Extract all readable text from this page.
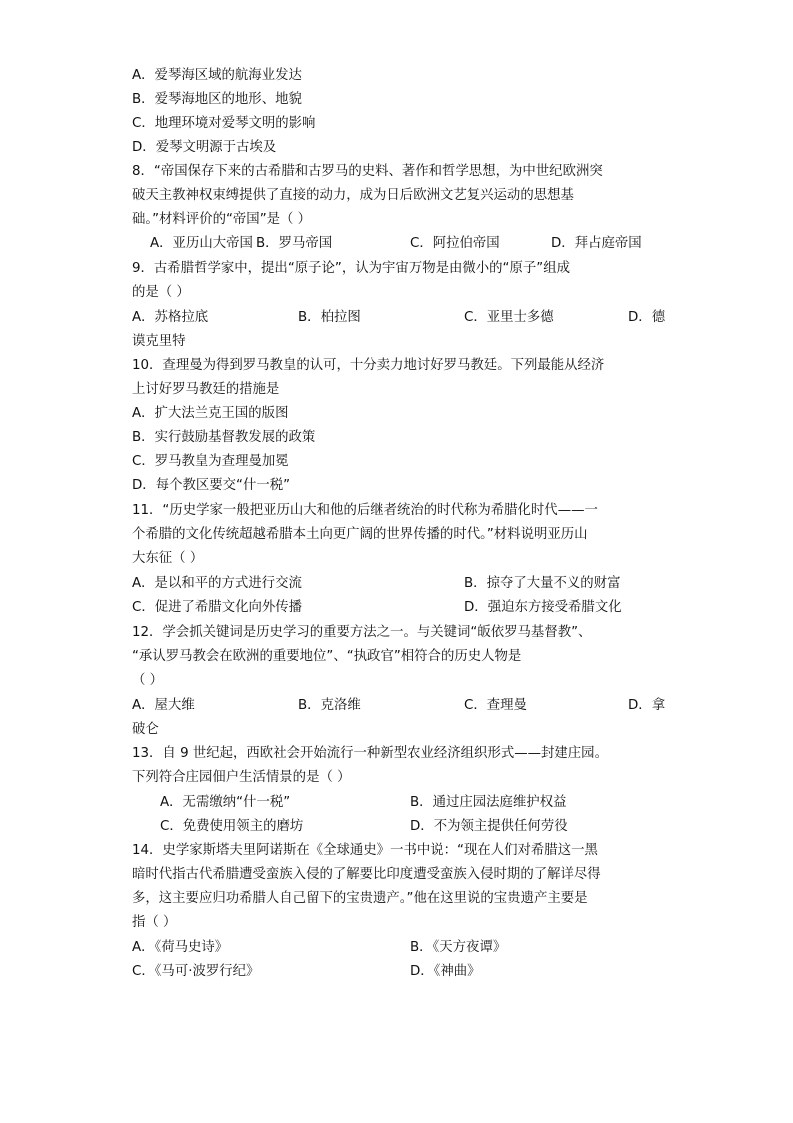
A．爱琴海区域的航海业发达
B．爱琴海地区的地形、地貌
C．地理环境对爱琴文明的影响
D．爱琴文明源于古埃及
8．“帝国保存下来的古希腊和古罗马的史料、著作和哲学思想，为中世纪欧洲突
破天主教神权束缚提供了直接的动力，成为日后欧洲文艺复兴运动的思想基
础。”材料评价的“帝国”是（ ）
A．亚历山大帝国 B．罗马帝国	C．阿拉伯帝国	D．拜占庭帝国
9．古希腊哲学家中，提出“原子论”，认为宇宙万物是由微小的“原子”组成
的是（ ）
A．苏格拉底	B．柏拉图	C．亚里士多德	D．德
谟克里特
10．查理曼为得到罗马教皇的认可，十分卖力地讨好罗马教廷。下列最能从经济
上讨好罗马教廷的措施是
A．扩大法兰克王国的版图
B．实行鼓励基督教发展的政策
C．罗马教皇为查理曼加冕
D．每个教区要交“什一税”
11．“历史学家一般把亚历山大和他的后继者统治的时代称为希腊化时代——一
个希腊的文化传统超越希腊本土向更广阔的世界传播的时代。”材料说明亚历山
大东征（ ）
A．是以和平的方式进行交流	B．掠夺了大量不义的财富
C．促进了希腊文化向外传播	D．强迫东方接受希腊文化
12．学会抓关键词是历史学习的重要方法之一。与关键词“皈依罗马基督教”、
“承认罗马教会在欧洲的重要地位”、“执政官”相符合的历史人物是
（ ）
A．屋大维	B．克洛维	C．查理曼	D．拿
破仑
13．自 9 世纪起，西欧社会开始流行一种新型农业经济组织形式——封建庄园。
下列符合庄园佃户生活情景的是（ ）
A．无需缴纳“什一税”	B．通过庄园法庭维护权益
C．免费使用领主的磨坊	D．不为领主提供任何劳役
14．史学家斯塔夫里阿诺斯在《全球通史》一书中说：“现在人们对希腊这一黑
暗时代指古代希腊遭受蛮族入侵的了解要比印度遭受蛮族入侵时期的了解详尽得
多，这主要应归功希腊人自己留下的宝贵遗产。”他在这里说的宝贵遗产主要是
指（ ）
A．《荷马史诗》	B．《天方夜谭》
C．《马可·波罗行纪》	D．《神曲》
